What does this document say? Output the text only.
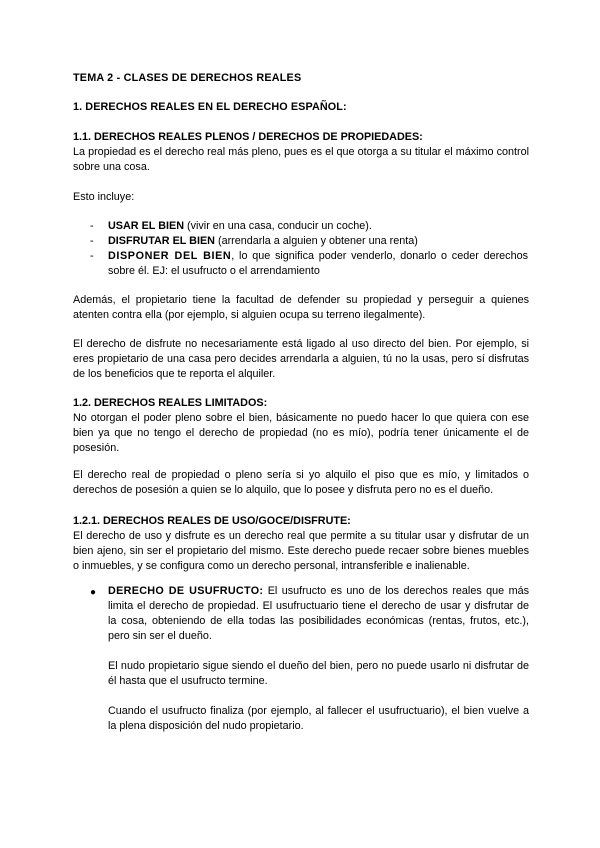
TEMA 2 - CLASES DE DERECHOS REALES
1. DERECHOS REALES EN EL DERECHO ESPAÑOL:
1.1. DERECHOS REALES PLENOS / DERECHOS DE PROPIEDADES:
La propiedad es el derecho real más pleno, pues es el que otorga a su titular el máximo control sobre una cosa.
Esto incluye:
- USAR EL BIEN (vivir en una casa, conducir un coche).
- DISFRUTAR EL BIEN (arrendarla a alguien y obtener una renta)
- DISPONER DEL BIEN, lo que significa poder venderlo, donarlo o ceder derechos sobre él. EJ: el usufructo o el arrendamiento
Además, el propietario tiene la facultad de defender su propiedad y perseguir a quienes atenten contra ella (por ejemplo, si alguien ocupa su terreno ilegalmente).
El derecho de disfrute no necesariamente está ligado al uso directo del bien. Por ejemplo, si eres propietario de una casa pero decides arrendarla a alguien, tú no la usas, pero sí disfrutas de los beneficios que te reporta el alquiler.
1.2. DERECHOS REALES LIMITADOS:
No otorgan el poder pleno sobre el bien, básicamente no puedo hacer lo que quiera con ese bien ya que no tengo el derecho de propiedad (no es mío), podría tener únicamente el de posesión.
El derecho real de propiedad o pleno sería si yo alquilo el piso que es mío, y limitados o derechos de posesión a quien se lo alquilo, que lo posee y disfruta pero no es el dueño.
1.2.1. DERECHOS REALES DE USO/GOCE/DISFRUTE:
El derecho de uso y disfrute es un derecho real que permite a su titular usar y disfrutar de un bien ajeno, sin ser el propietario del mismo. Este derecho puede recaer sobre bienes muebles o inmuebles, y se configura como un derecho personal, intransferible e inalienable.
● DERECHO DE USUFRUCTO: El usufructo es uno de los derechos reales que más limita el derecho de propiedad. El usufructuario tiene el derecho de usar y disfrutar de la cosa, obteniendo de ella todas las posibilidades económicas (rentas, frutos, etc.), pero sin ser el dueño.
El nudo propietario sigue siendo el dueño del bien, pero no puede usarlo ni disfrutar de él hasta que el usufructo termine.
Cuando el usufructo finaliza (por ejemplo, al fallecer el usufructuario), el bien vuelve a la plena disposición del nudo propietario.
